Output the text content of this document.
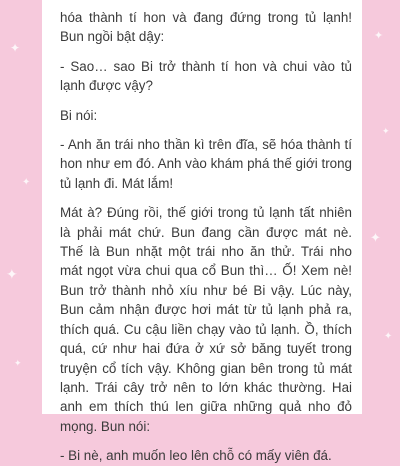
✦
✦
✦
✦
✦
✦
✦
✦

hóa thành tí hon và đang đứng trong tủ lạnh! Bun ngồi bật dậy:

- Sao… sao Bi trở thành tí hon và chui vào tủ lạnh được vậy?

Bi nói:

- Anh ăn trái nho thần kì trên đĩa, sẽ hóa thành tí hon như em đó. Anh vào khám phá thế giới trong tủ lạnh đi. Mát lắm!

Mát à? Đúng rồi, thế giới trong tủ lạnh tất nhiên là phải mát chứ. Bun đang cần được mát nè. Thế là Bun nhặt một trái nho ăn thử. Trái nho mát ngọt vừa chui qua cổ Bun thì… Ố! Xem nè! Bun trở thành nhỏ xíu như bé Bi vậy. Lúc này, Bun cảm nhận được hơi mát từ tủ lạnh phả ra, thích quá. Cu cậu liền chạy vào tủ lạnh. Ồ, thích quá, cứ như hai đứa ở xứ sở băng tuyết trong truyện cổ tích vậy. Không gian bên trong tủ mát lạnh. Trái cây trở nên to lớn khác thường. Hai anh em thích thú len giữa những quả nho đỏ mọng. Bun nói:

- Bi nè, anh muốn leo lên chỗ có mấy viên đá.
